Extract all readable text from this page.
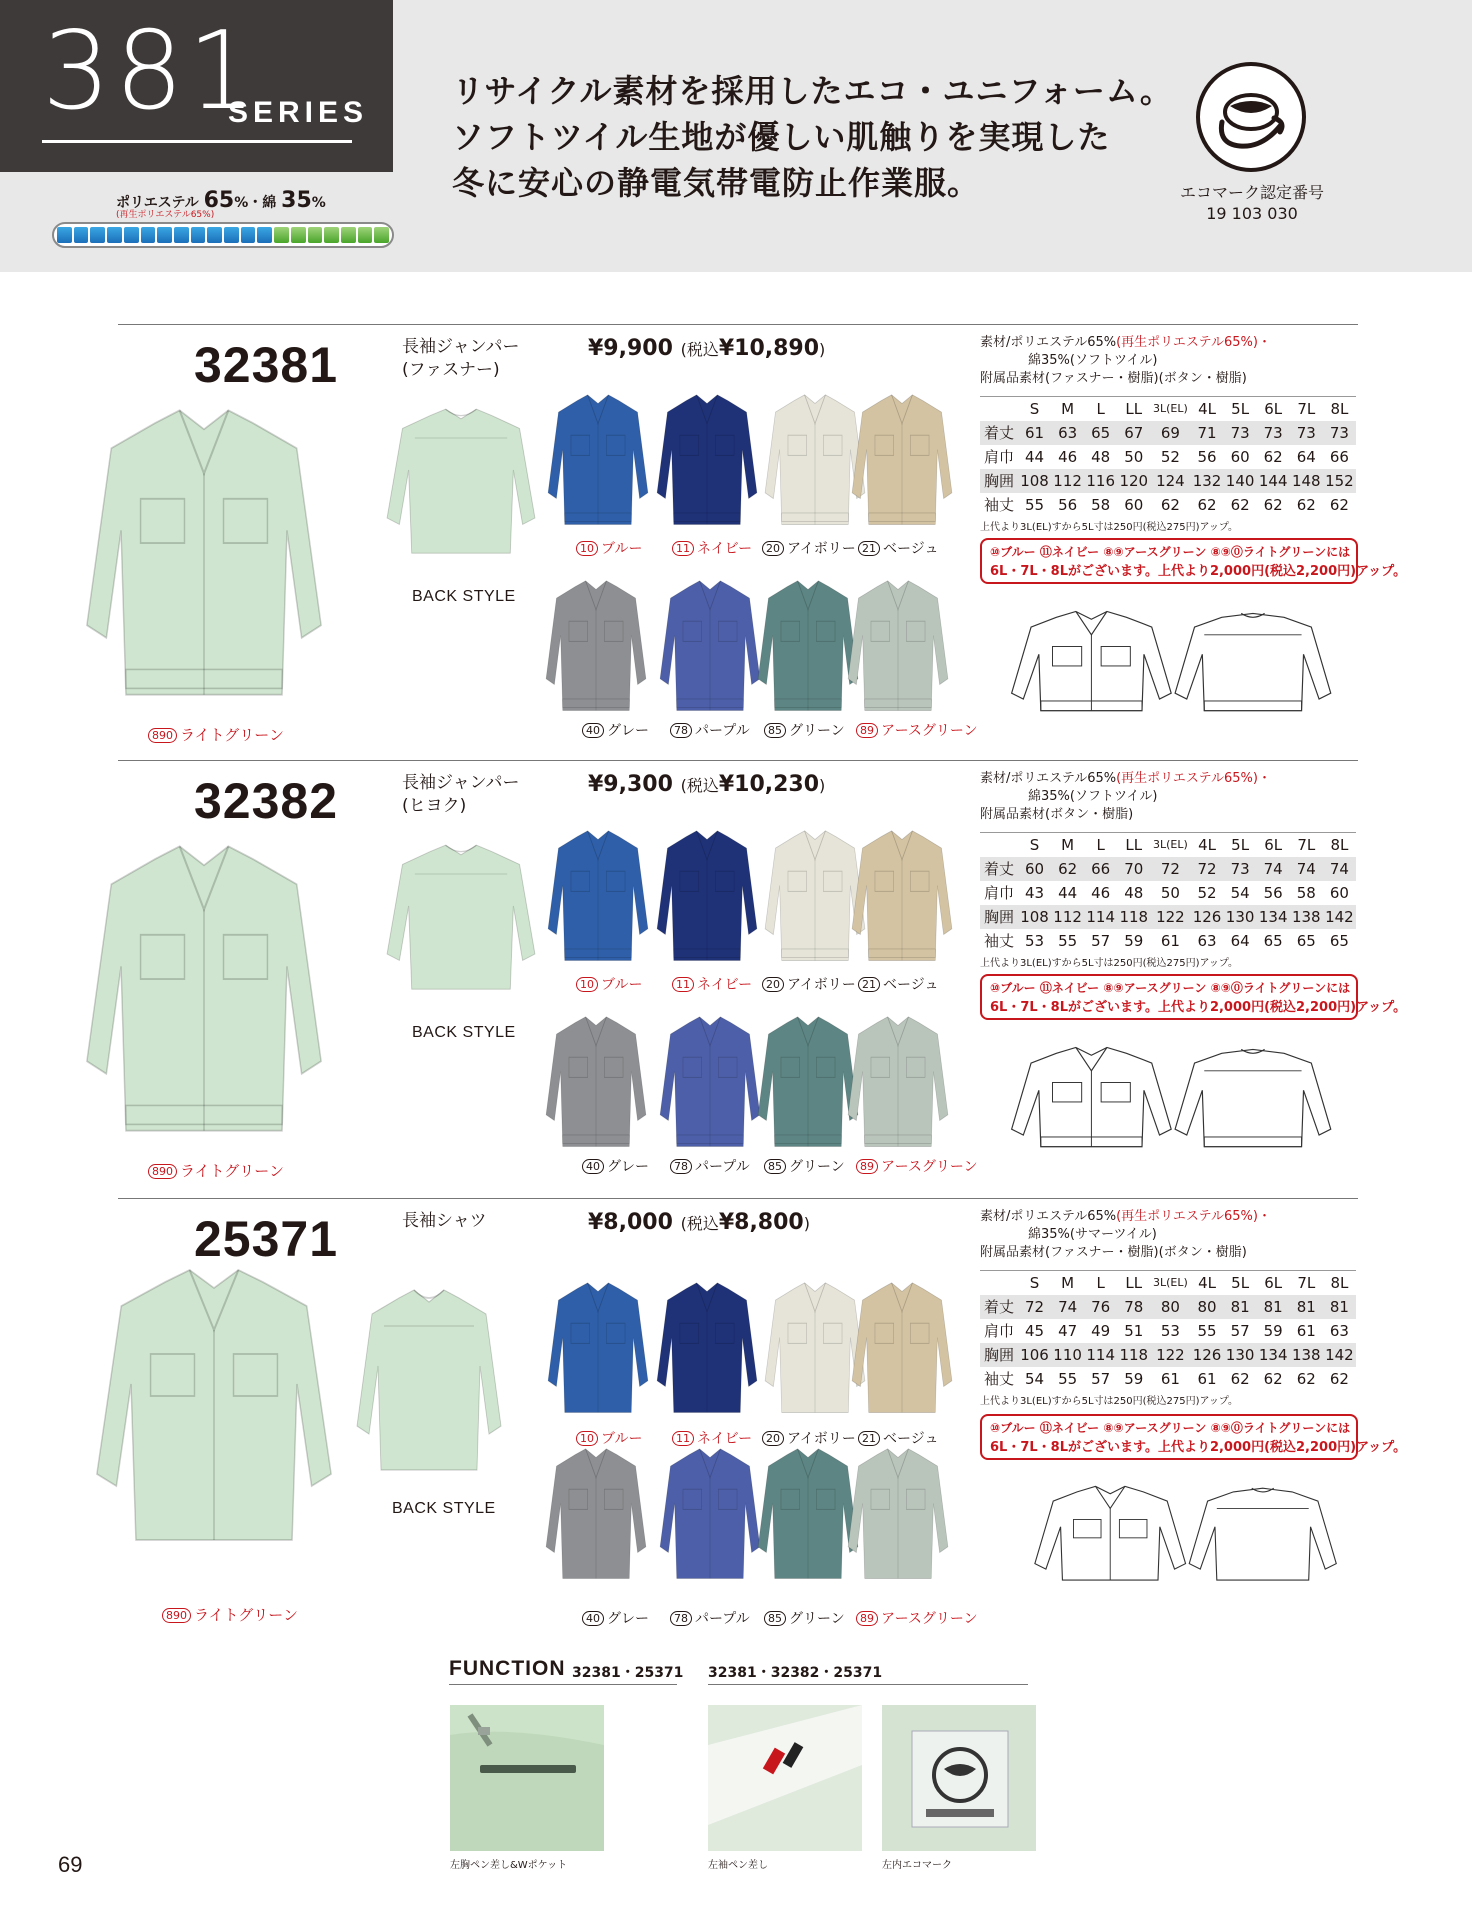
381
SERIES
ポリエステル 65%・綿 35%
(再生ポリエステル65%)
リサイクル素材を採用したエコ・ユニフォーム。
ソフトツイル生地が優しい肌触りを実現した
冬に安心の静電気帯電防止作業服。	エコマーク認定番号
19 103 030
32381	長袖ジャンパー
(ファスナー)
¥9,900 (税込¥10,890)	素材/ポリエステル65%(再生ポリエステル65%)・
綿35%(ソフトツイル)
附属品素材(ファスナー・樹脂)(ボタン・樹脂)
890 ライトグリーン
BACK STYLE
10 ブルー	11 ネイビー	20 アイボリー 21 ベージュ
40 グレー	78 パープル	85 グリーン	89 アースグリーン
	S	M	L	LL	3L(EL)	4L	5L	6L	7L	8L
着丈	61	63	65	67	69	71	73	73	73	73
肩巾	44	46	48	50	52	56	60	62	64	66
胸囲	108	112	116	120	124	132	140	144	148	152
袖丈	55	56	58	60	62	62	62	62	62	62
上代より3L(EL)すから5L寸は250円(税込275円)アップ。
⑩ブルー ⑪ネイビー ⑧⑨アースグリーン ⑧⑨⓪ライトグリーンには
6L・7L・8Lがございます。上代より2,000円(税込2,200円)アップ。
32382	長袖ジャンパー
(ヒヨク)
¥9,300 (税込¥10,230)	素材/ポリエステル65%(再生ポリエステル65%)・
綿35%(ソフトツイル)
附属品素材(ボタン・樹脂)
890 ライトグリーン
BACK STYLE
10 ブルー	11 ネイビー	20 アイボリー 21 ベージュ
40 グレー	78 パープル	85 グリーン	89 アースグリーン
	S	M	L	LL	3L(EL)	4L	5L	6L	7L	8L
着丈	60	62	66	70	72	72	73	74	74	74
肩巾	43	44	46	48	50	52	54	56	58	60
胸囲	108	112	114	118	122	126	130	134	138	142
袖丈	53	55	57	59	61	63	64	65	65	65
上代より3L(EL)すから5L寸は250円(税込275円)アップ。
⑩ブルー ⑪ネイビー ⑧⑨アースグリーン ⑧⑨⓪ライトグリーンには
6L・7L・8Lがございます。上代より2,000円(税込2,200円)アップ。
25371	長袖シャツ	¥8,000 (税込¥8,800)	素材/ポリエステル65%(再生ポリエステル65%)・
綿35%(サマーツイル)
附属品素材(ファスナー・樹脂)(ボタン・樹脂)
890 ライトグリーン
BACK STYLE
10 ブルー	11 ネイビー	20 アイボリー 21 ベージュ
40 グレー	78 パープル	85 グリーン	89 アースグリーン
	S	M	L	LL	3L(EL)	4L	5L	6L	7L	8L
着丈	72	74	76	78	80	80	81	81	81	81
肩巾	45	47	49	51	53	55	57	59	61	63
胸囲	106	110	114	118	122	126	130	134	138	142
袖丈	54	55	57	59	61	61	62	62	62	62
上代より3L(EL)すから5L寸は250円(税込275円)アップ。
⑩ブルー ⑪ネイビー ⑧⑨アースグリーン ⑧⑨⓪ライトグリーンには
6L・7L・8Lがございます。上代より2,000円(税込2,200円)アップ。
FUNCTION 32381・25371 32381・32382・25371
左胸ペン差し&Wポケット	左袖ペン差し	左内エコマーク
69
